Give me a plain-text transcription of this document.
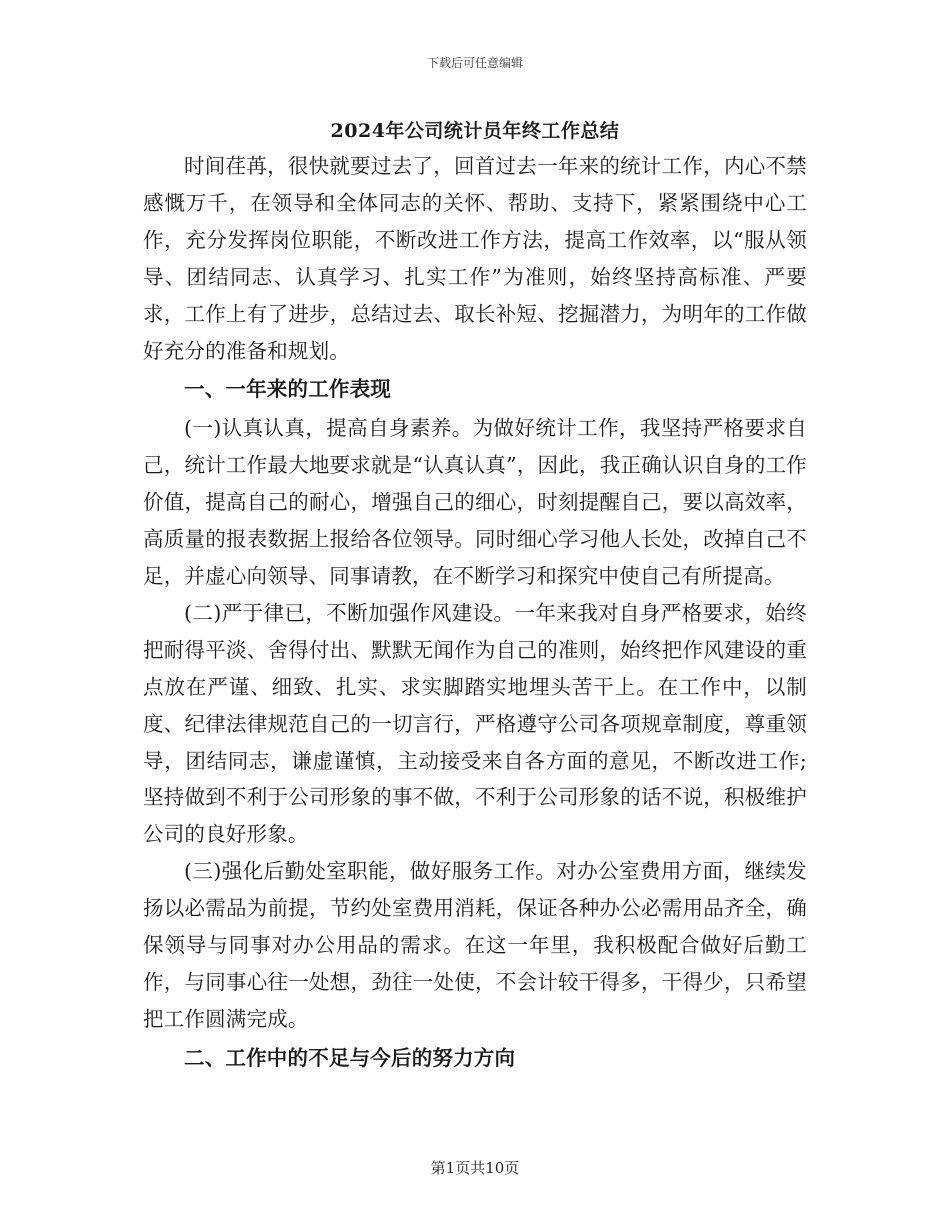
下载后可任意编辑
2024年公司统计员年终工作总结

时间荏苒，很快就要过去了，回首过去一年来的统计工作，内心不禁感慨万千，在领导和全体同志的关怀、帮助、支持下，紧紧围绕中心工作，充分发挥岗位职能，不断改进工作方法，提高工作效率，以“服从领导、团结同志、认真学习、扎实工作”为准则，始终坚持高标准、严要求，工作上有了进步，总结过去、取长补短、挖掘潜力，为明年的工作做好充分的准备和规划。

一、一年来的工作表现

(一)认真认真，提高自身素养。为做好统计工作，我坚持严格要求自己，统计工作最大地要求就是“认真认真”，因此，我正确认识自身的工作价值，提高自己的耐心，增强自己的细心，时刻提醒自己，要以高效率，高质量的报表数据上报给各位领导。同时细心学习他人长处，改掉自己不足，并虚心向领导、同事请教，在不断学习和探究中使自己有所提高。

(二)严于律已，不断加强作风建设。一年来我对自身严格要求，始终把耐得平淡、舍得付出、默默无闻作为自己的准则，始终把作风建设的重点放在严谨、细致、扎实、求实脚踏实地埋头苦干上。在工作中，以制度、纪律法律规范自己的一切言行，严格遵守公司各项规章制度，尊重领导，团结同志，谦虚谨慎，主动接受来自各方面的意见，不断改进工作;坚持做到不利于公司形象的事不做，不利于公司形象的话不说，积极维护公司的良好形象。

(三)强化后勤处室职能，做好服务工作。对办公室费用方面，继续发扬以必需品为前提，节约处室费用消耗，保证各种办公必需用品齐全，确保领导与同事对办公用品的需求。在这一年里，我积极配合做好后勤工作，与同事心往一处想，劲往一处使，不会计较干得多，干得少，只希望把工作圆满完成。

二、工作中的不足与今后的努力方向

第1页共10页
